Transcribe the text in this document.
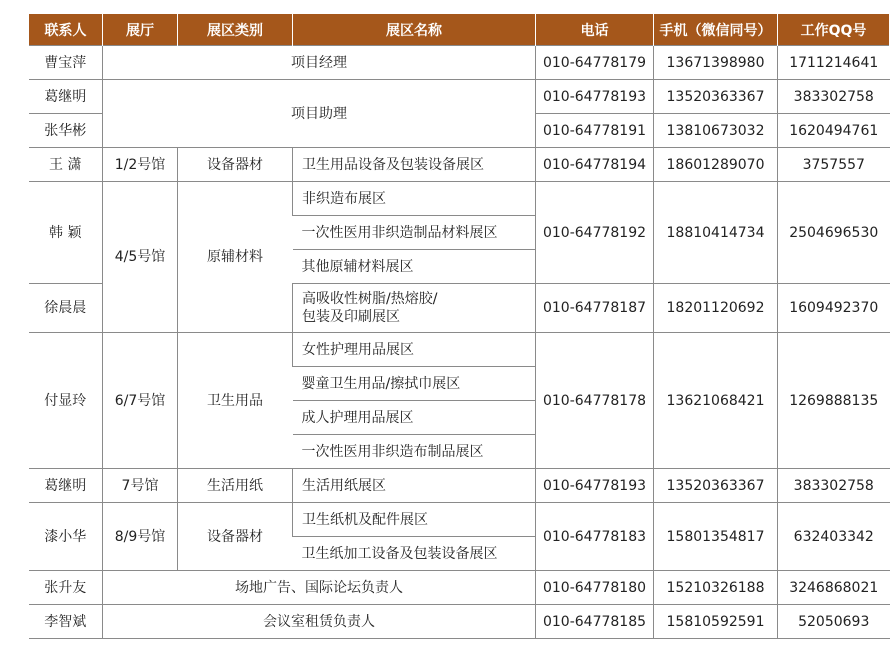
联系人	展厅	展区类别	展区名称	电话	手机（微信同号）	工作QQ号
曹宝萍	项目经理			010-64778179	13671398980	1711214641
葛继明	项目助理			010-64778193	13520363367	383302758
张华彬				010-64778191	13810673032	1620494761
王 潇	1/2号馆	设备器材	卫生用品设备及包装设备展区	010-64778194	18601289070	3757557
韩 颖	4/5号馆	原辅材料	非织造布展区	010-64778192	18810414734	2504696530
			一次性医用非织造制品材料展区			
			其他原辅材料展区			
徐晨晨			高吸收性树脂/热熔胶/
包装及印刷展区	010-64778187	18201120692	1609492370
付显玲	6/7号馆	卫生用品	女性护理用品展区	010-64778178	13621068421	1269888135
			婴童卫生用品/擦拭巾展区			
			成人护理用品展区			
			一次性医用非织造布制品展区			
葛继明	7号馆	生活用纸	生活用纸展区	010-64778193	13520363367	383302758
漆小华	8/9号馆	设备器材	卫生纸机及配件展区	010-64778183	15801354817	632403342
			卫生纸加工设备及包装设备展区			
张升友	场地广告、国际论坛负责人			010-64778180	15210326188	3246868021
李智斌	会议室租赁负责人			010-64778185	15810592591	52050693
